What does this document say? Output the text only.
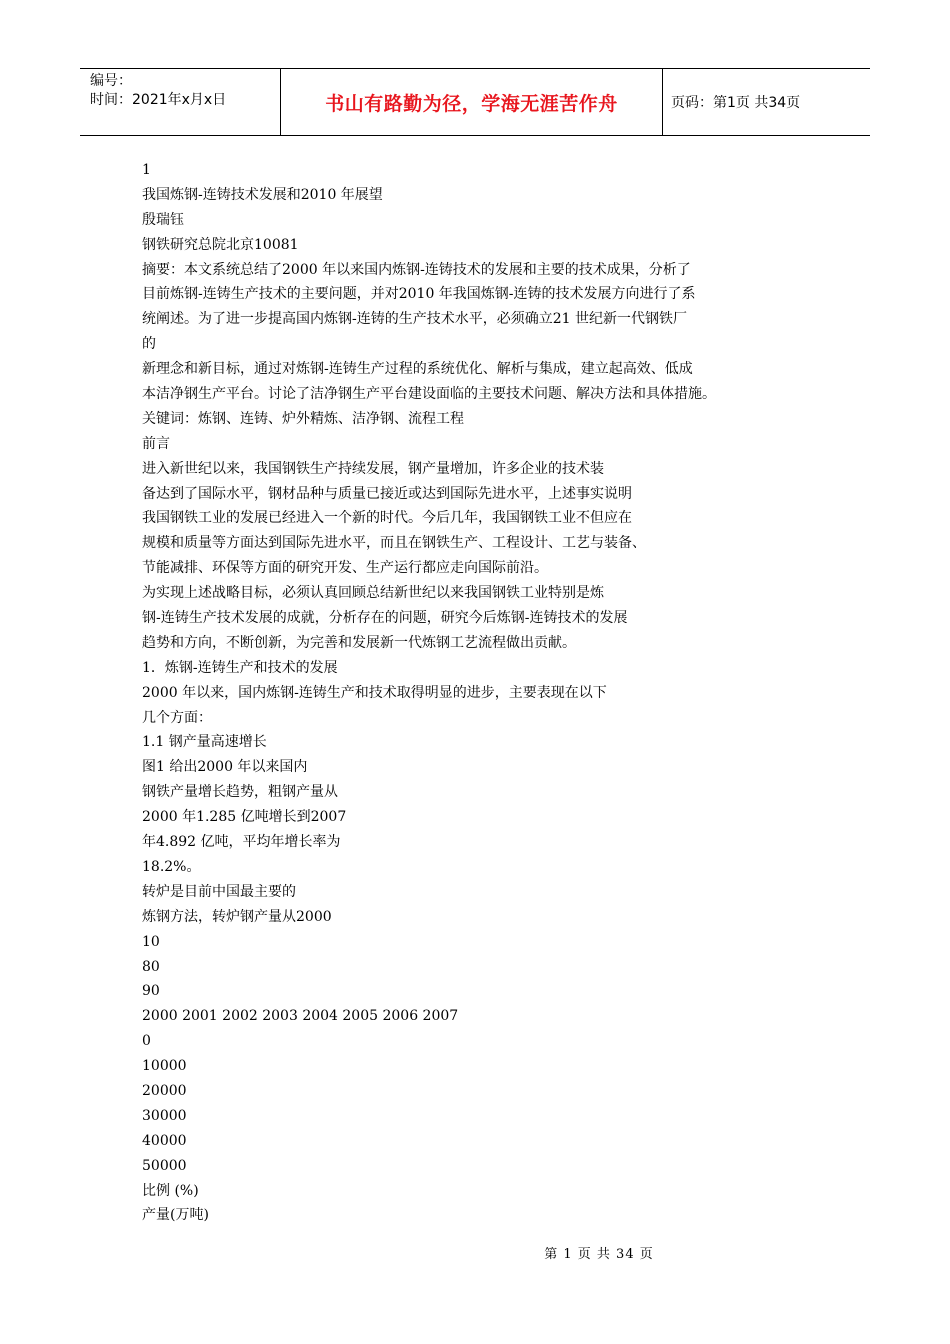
编号：
时间：2021年x月x日	书山有路勤为径，学海无涯苦作舟	页码：第1页 共34页
1
我国炼钢-连铸技术发展和2010 年展望
殷瑞钰
钢铁研究总院北京10081
摘要：本文系统总结了2000 年以来国内炼钢-连铸技术的发展和主要的技术成果，分析了
目前炼钢-连铸生产技术的主要问题，并对2010 年我国炼钢-连铸的技术发展方向进行了系
统阐述。为了进一步提高国内炼钢-连铸的生产技术水平，必须确立21 世纪新一代钢铁厂
的
新理念和新目标，通过对炼钢-连铸生产过程的系统优化、解析与集成，建立起高效、低成
本洁净钢生产平台。讨论了洁净钢生产平台建设面临的主要技术问题、解决方法和具体措施。
关键词：炼钢、连铸、炉外精炼、洁净钢、流程工程
前言
进入新世纪以来，我国钢铁生产持续发展，钢产量增加，许多企业的技术装
备达到了国际水平，钢材品种与质量已接近或达到国际先进水平，上述事实说明
我国钢铁工业的发展已经进入一个新的时代。今后几年，我国钢铁工业不但应在
规模和质量等方面达到国际先进水平，而且在钢铁生产、工程设计、工艺与装备、
节能减排、环保等方面的研究开发、生产运行都应走向国际前沿。
为实现上述战略目标，必须认真回顾总结新世纪以来我国钢铁工业特别是炼
钢-连铸生产技术发展的成就，分析存在的问题，研究今后炼钢-连铸技术的发展
趋势和方向，不断创新，为完善和发展新一代炼钢工艺流程做出贡献。
1．炼钢-连铸生产和技术的发展
2000 年以来，国内炼钢-连铸生产和技术取得明显的进步，主要表现在以下
几个方面：
1.1 钢产量高速增长
图1 给出2000 年以来国内
钢铁产量增长趋势，粗钢产量从
2000 年1.285 亿吨增长到2007
年4.892 亿吨，平均年增长率为
18.2%。
转炉是目前中国最主要的
炼钢方法，转炉钢产量从2000
10
80
90
2000 2001 2002 2003 2004 2005 2006 2007
0
10000
20000
30000
40000
50000
比例 (%)
产量(万吨)
第 1 页 共 34 页
